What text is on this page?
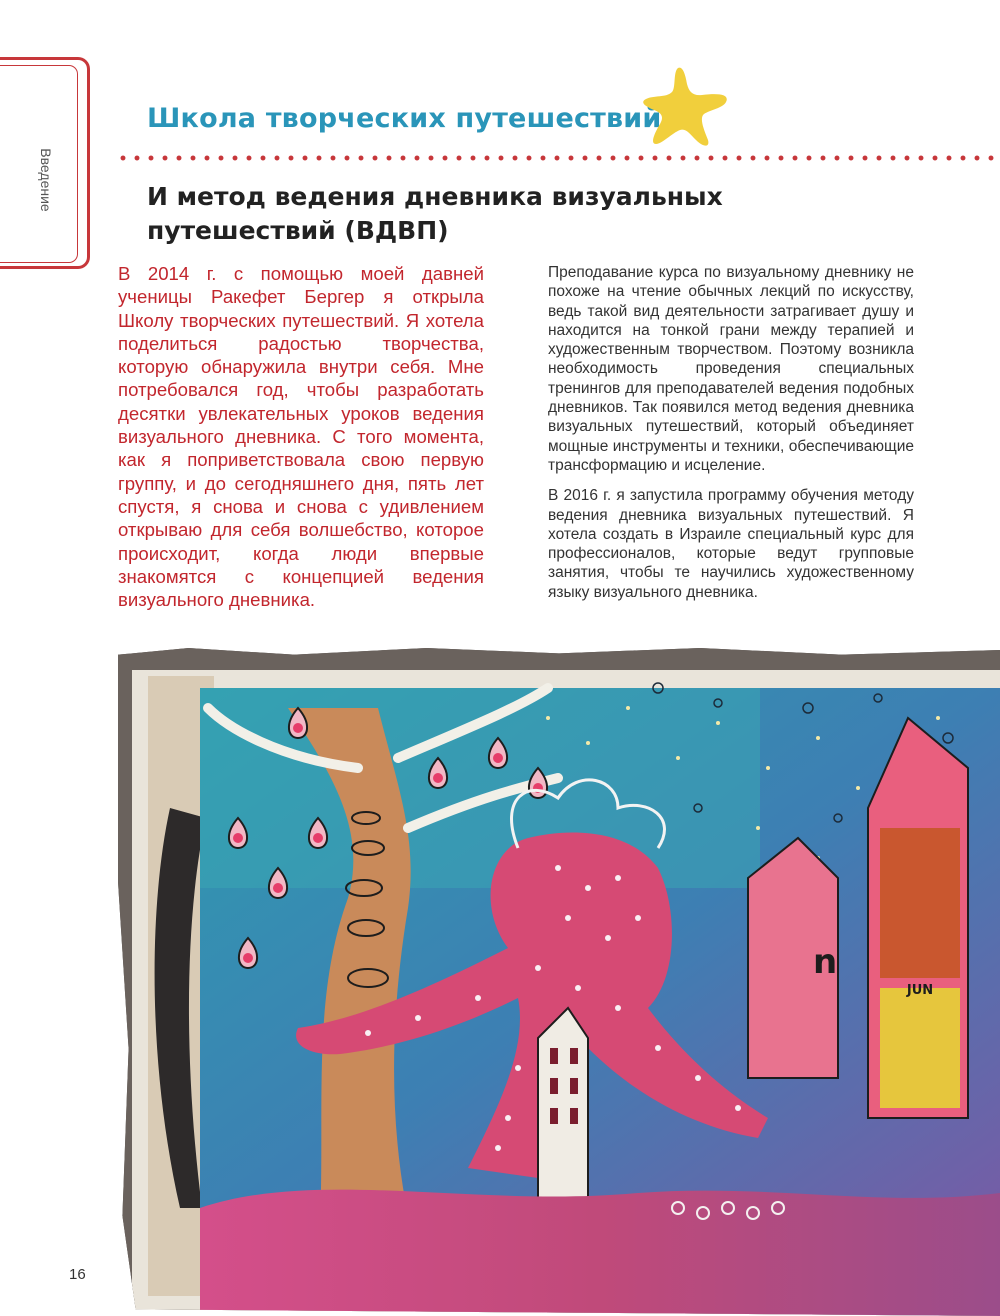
Введение
Школа творческих путешествий
И метод ведения дневника визуальных
путешествий (ВДВП)

В 2014 г. с помощью моей давней ученицы Ракефет Бергер я открыла Школу творческих путешествий. Я хотела поделиться радостью творчества, которую обнаружила внутри себя. Мне потребовался год, чтобы разработать десятки увлекательных уроков ведения визуального дневника. С того момента, как я поприветствовала свою первую группу, и до сегодняшнего дня, пять лет спустя, я снова и снова с удивлением открываю для себя волшебство, которое происходит, когда люди впервые знакомятся с концепцией ведения визуального дневника.

Преподавание курса по визуальному дневнику не похоже на чтение обычных лекций по искусству, ведь такой вид деятельности затрагивает душу и находится на тонкой грани между терапией и художественным творчеством. Поэтому возникла необходимость проведения специальных тренингов для преподавателей ведения подобных дневников. Так появился метод ведения дневника визуальных путешествий, который объединяет мощные инструменты и техники, обеспечивающие трансформацию и исцеление.

В 2016 г. я запустила программу обучения методу ведения дневника визуальных путешествий. Я хотела создать в Израиле специальный курс для профессионалов, которые ведут групповые занятия, чтобы те научились художественному языку визуального дневника.

JUN
n
16
